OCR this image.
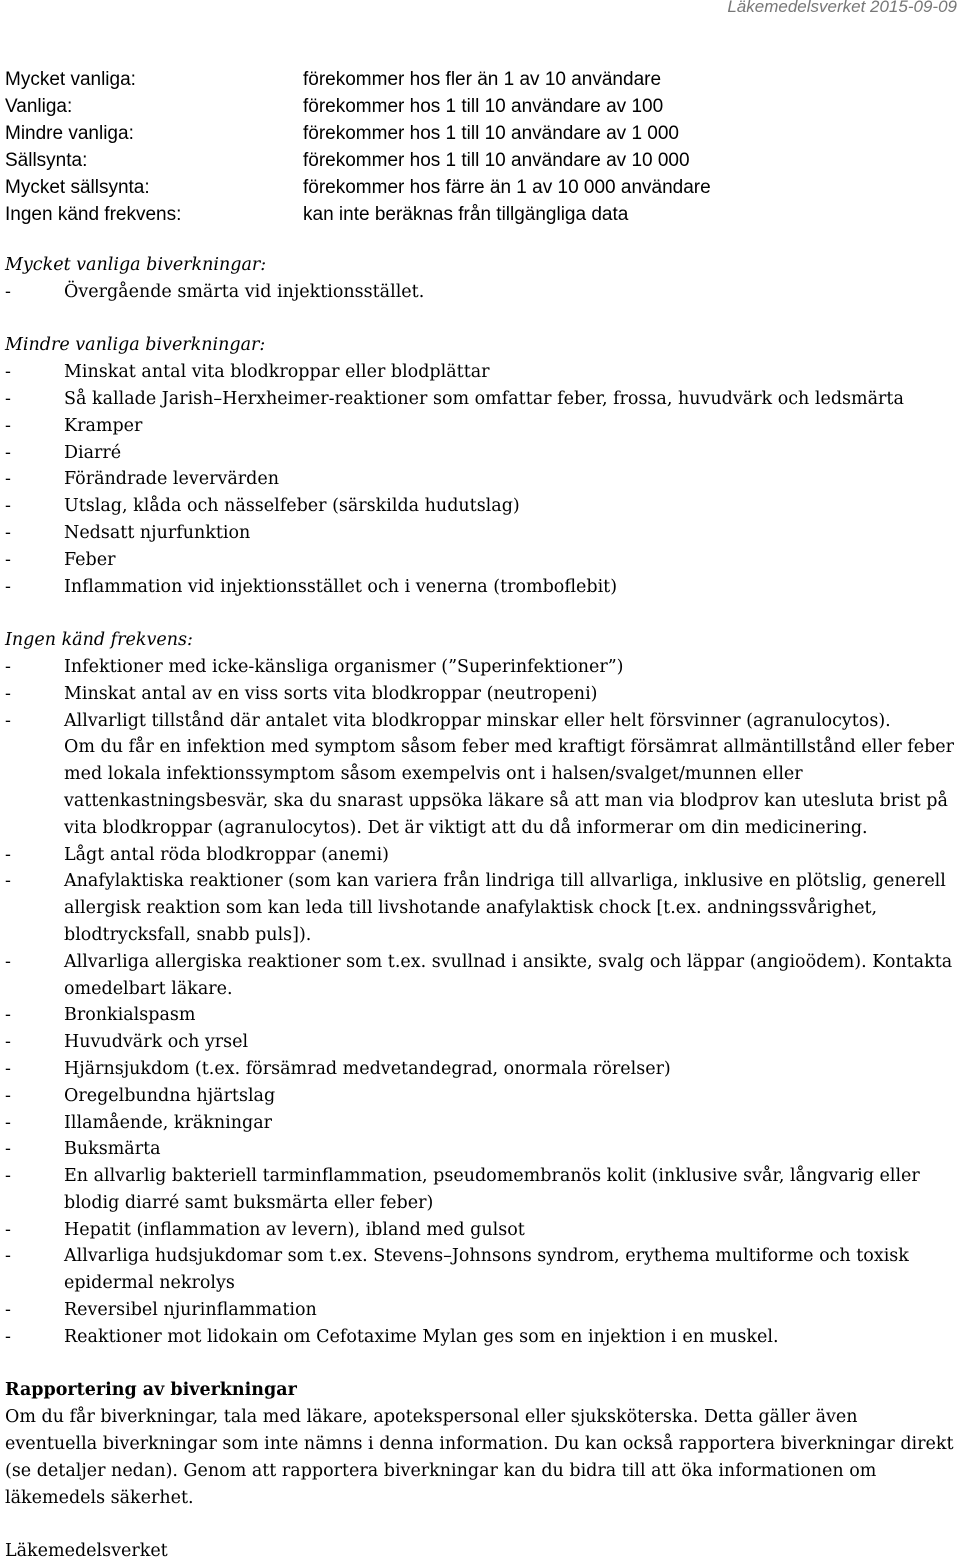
Läkemedelsverket 2015-09-09
Mycket vanliga:	förekommer hos fler än 1 av 10 användare
Vanliga:	förekommer hos 1 till 10 användare av 100
Mindre vanliga:	förekommer hos 1 till 10 användare av 1 000
Sällsynta:	förekommer hos 1 till 10 användare av 10 000
Mycket sällsynta:	förekommer hos färre än 1 av 10 000 användare
Ingen känd frekvens:	kan inte beräknas från tillgängliga data
Mycket vanliga biverkningar:
-	Övergående smärta vid injektionsstället.
Mindre vanliga biverkningar:
-	Minskat antal vita blodkroppar eller blodplättar
-	Så kallade Jarish–Herxheimer-reaktioner som omfattar feber, frossa, huvudvärk och ledsmärta
-	Kramper
-	Diarré
-	Förändrade levervärden
-	Utslag, klåda och nässelfeber (särskilda hudutslag)
-	Nedsatt njurfunktion
-	Feber
-	Inflammation vid injektionsstället och i venerna (tromboflebit)
Ingen känd frekvens:
-	Infektioner med icke-känsliga organismer (”Superinfektioner”)
-	Minskat antal av en viss sorts vita blodkroppar (neutropeni)
-	Allvarligt tillstånd där antalet vita blodkroppar minskar eller helt försvinner (agranulocytos).
Om du får en infektion med symptom såsom feber med kraftigt försämrat allmäntillstånd eller feber med lokala infektionssymptom såsom exempelvis ont i halsen/svalget/munnen eller vattenkastningsbesvär, ska du snarast uppsöka läkare så att man via blodprov kan utesluta brist på vita blodkroppar (agranulocytos). Det är viktigt att du då informerar om din medicinering.
-	Lågt antal röda blodkroppar (anemi)
-	Anafylaktiska reaktioner (som kan variera från lindriga till allvarliga, inklusive en plötslig, generell allergisk reaktion som kan leda till livshotande anafylaktisk chock [t.ex. andningssvårighet, blodtrycksfall, snabb puls]).
-	Allvarliga allergiska reaktioner som t.ex. svullnad i ansikte, svalg och läppar (angioödem). Kontakta omedelbart läkare.
-	Bronkialspasm
-	Huvudvärk och yrsel
-	Hjärnsjukdom (t.ex. försämrad medvetandegrad, onormala rörelser)
-	Oregelbundna hjärtslag
-	Illamående, kräkningar
-	Buksmärta
-	En allvarlig bakteriell tarminflammation, pseudomembranös kolit (inklusive svår, långvarig eller blodig diarré samt buksmärta eller feber)
-	Hepatit (inflammation av levern), ibland med gulsot
-	Allvarliga hudsjukdomar som t.ex. Stevens–Johnsons syndrom, erythema multiforme och toxisk epidermal nekrolys
-	Reversibel njurinflammation
-	Reaktioner mot lidokain om Cefotaxime Mylan ges som en injektion i en muskel.
Rapportering av biverkningar
Om du får biverkningar, tala med läkare, apotekspersonal eller sjuksköterska. Detta gäller även eventuella biverkningar som inte nämns i denna information. Du kan också rapportera biverkningar direkt (se detaljer nedan). Genom att rapportera biverkningar kan du bidra till att öka informationen om läkemedels säkerhet.
Läkemedelsverket
